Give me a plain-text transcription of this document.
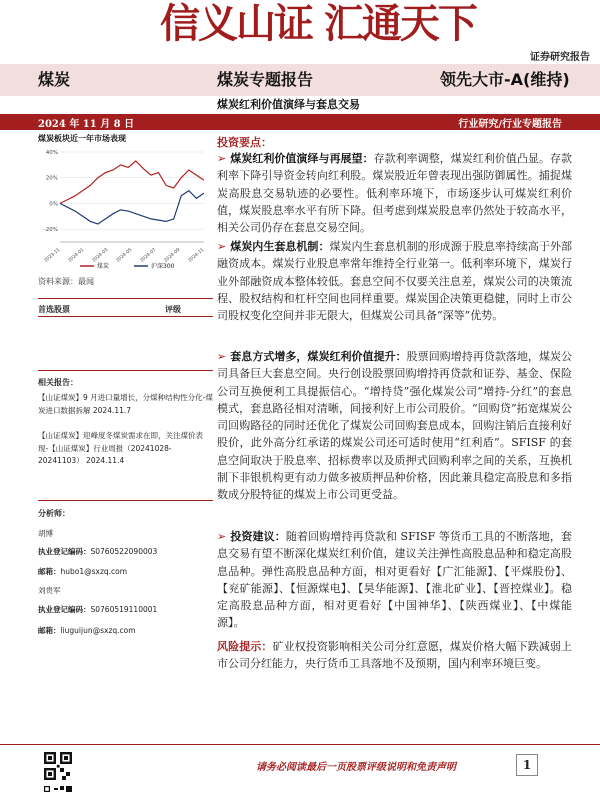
信义山证 汇通天下
证券研究报告
煤炭	煤炭专题报告	领先大市-A(维持)
煤炭红利价值演绎与套息交易
2024 年 11 月 8 日	行业研究/行业专题报告
煤炭板块近一年市场表现
40%
20%
0%
-20%
2023-11 2024-01 2024-03 2024-05 2024-07 2024-09 2024-11
煤炭	沪深300
资料来源：最闻
首选股票	评级
相关报告：
【山证煤炭】9 月进口量增长，分煤种结构性分化-煤炭进口数据拆解 2024.11.7
【山证煤炭】迎峰度冬煤炭需求在即，关注煤价表现-【山证煤炭】行业周报（20241028-20241103） 2024.11.4
分析师：
胡博
执业登记编码：S0760522090003
邮箱：hubo1@sxzq.com
刘贵军
执业登记编码：S0760519110001
邮箱：liuguijun@sxzq.com
投资要点：

➢ 煤炭红利价值演绎与再展望：存款利率调整，煤炭红利价值凸显。存款利率下降引导资金转向红利股。煤炭股近年曾表现出强防御属性。捕捉煤炭高股息交易轨迹的必要性。低利率环境下，市场逐步认可煤炭红利价值，煤炭股息率水平有所下降。但考虑到煤炭股息率仍然处于较高水平，相关公司仍存在套息交易空间。

➢ 煤炭内生套息机制：煤炭内生套息机制的形成源于股息率持续高于外部融资成本。煤炭行业股息率常年维持全行业第一。低利率环境下，煤炭行业外部融资成本整体较低。套息空间不仅要关注息差，煤炭公司的决策流程、股权结构和杠杆空间也同样重要。煤炭国企决策更稳健，同时上市公司股权变化空间并非无限大，但煤炭公司具备“深等”优势。

➢ 套息方式增多，煤炭红利价值提升：股票回购增持再贷款落地，煤炭公司具备巨大套息空间。央行创设股票回购增持再贷款和证券、基金、保险公司互换便利工具提振信心。“增持贷”强化煤炭公司“增持-分红”的套息模式，套息路径相对清晰，间接利好上市公司股价。“回购贷”拓宽煤炭公司回购路径的同时还优化了煤炭公司回购套息成本，回购注销后直接利好股价，此外高分红承诺的煤炭公司还可适时使用“红利盾”。SFISF 的套息空间取决于股息率、招标费率以及质押式回购利率之间的关系，互换机制下非银机构更有动力做多被质押品种价格，因此兼具稳定高股息和多指数成分股特征的煤炭上市公司更受益。

➢ 投资建议：随着回购增持再贷款和 SFISF 等货币工具的不断落地，套息交易有望不断深化煤炭红利价值，建议关注弹性高股息品种和稳定高股息品种。弹性高股息品种方面，相对更看好【广汇能源】、【平煤股份】、【兖矿能源】、【恒源煤电】、【昊华能源】、【淮北矿业】、【晋控煤业】。稳定高股息品种方面，相对更看好【中国神华】、【陕西煤业】、【中煤能源】。

风险提示：矿业权投资影响相关公司分红意愿，煤炭价格大幅下跌减弱上市公司分红能力，央行货币工具落地不及预期，国内利率环境巨变。

请务必阅读最后一页股票评级说明和免责声明	1
